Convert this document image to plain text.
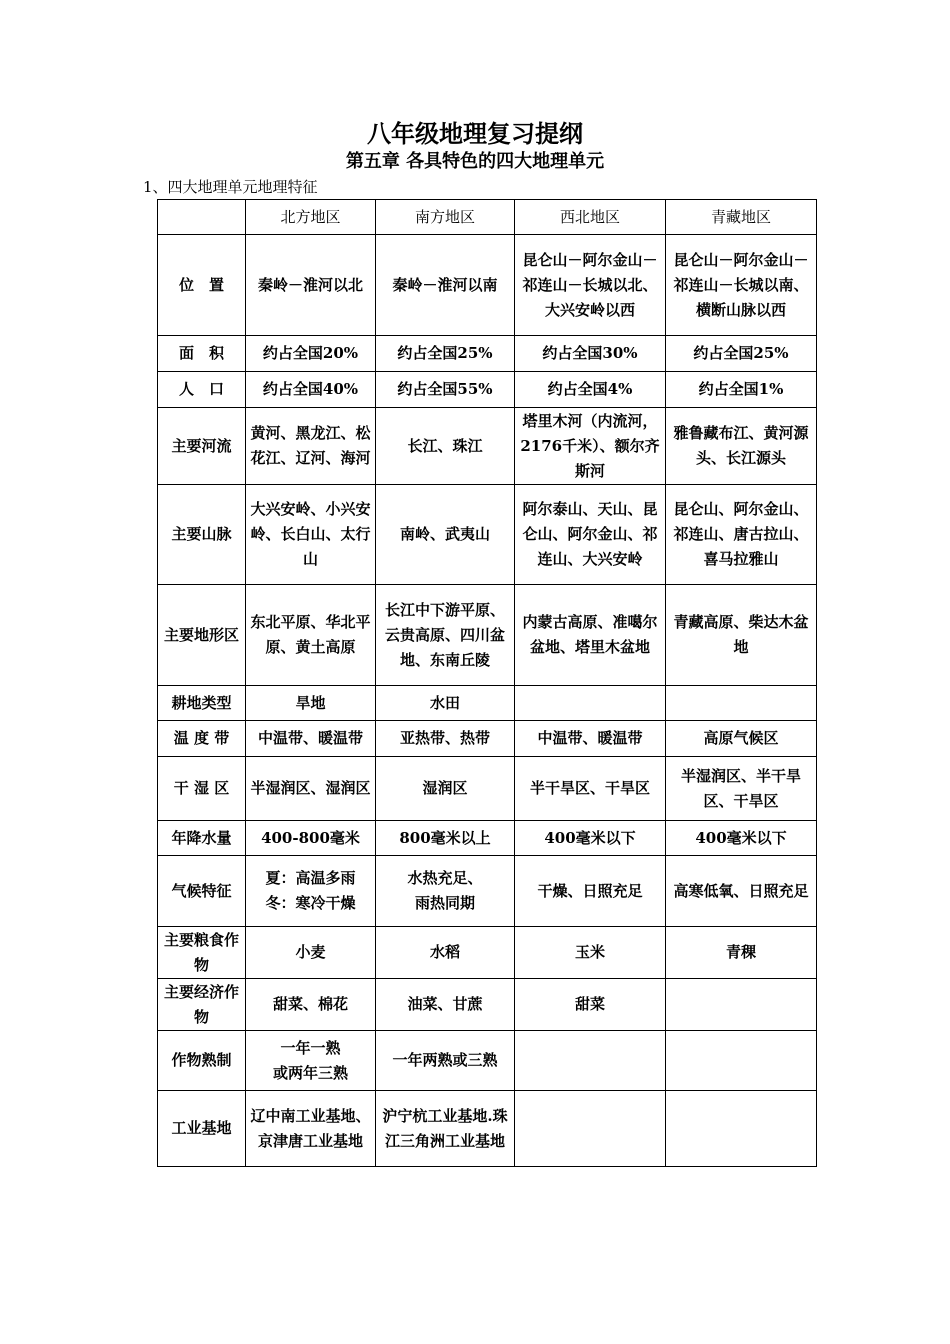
八年级地理复习提纲
第五章 各具特色的四大地理单元
1、四大地理单元地理特征
	北方地区	南方地区	西北地区	青藏地区
位　置	秦岭－淮河以北	秦岭－淮河以南	昆仑山－阿尔金山－祁连山－长城以北、大兴安岭以西	昆仑山－阿尔金山－祁连山－长城以南、横断山脉以西
面　积	约占全国20%	约占全国25%	约占全国30%	约占全国25%
人　口	约占全国40%	约占全国55%	约占全国4%	约占全国1%
主要河流	黄河、黑龙江、松花江、辽河、海河	长江、珠江	塔里木河（内流河，2176千米）、额尔齐斯河	雅鲁藏布江、黄河源头、长江源头
主要山脉	大兴安岭、小兴安岭、长白山、太行山	南岭、武夷山	阿尔泰山、天山、昆仑山、阿尔金山、祁连山、大兴安岭	昆仑山、阿尔金山、祁连山、唐古拉山、喜马拉雅山
主要地形区	东北平原、华北平原、黄土高原	长江中下游平原、云贵高原、四川盆地、东南丘陵	内蒙古高原、准噶尔盆地、塔里木盆地	青藏高原、柴达木盆地
耕地类型	旱地	水田		
温 度 带	中温带、暖温带	亚热带、热带	中温带、暖温带	高原气候区
干 湿 区	半湿润区、湿润区	湿润区	半干旱区、干旱区	半湿润区、半干旱区、干旱区
年降水量	400-800毫米	800毫米以上	400毫米以下	400毫米以下
气候特征	夏：高温多雨
冬：寒冷干燥	水热充足、
雨热同期	干燥、日照充足	高寒低氧、日照充足
主要粮食作　物	小麦	水稻	玉米	青稞
主要经济作　物	甜菜、棉花	油菜、甘蔗	甜菜	
作物熟制	一年一熟
或两年三熟	一年两熟或三熟		
工业基地	辽中南工业基地、京津唐工业基地	沪宁杭工业基地.珠江三角洲工业基地		
